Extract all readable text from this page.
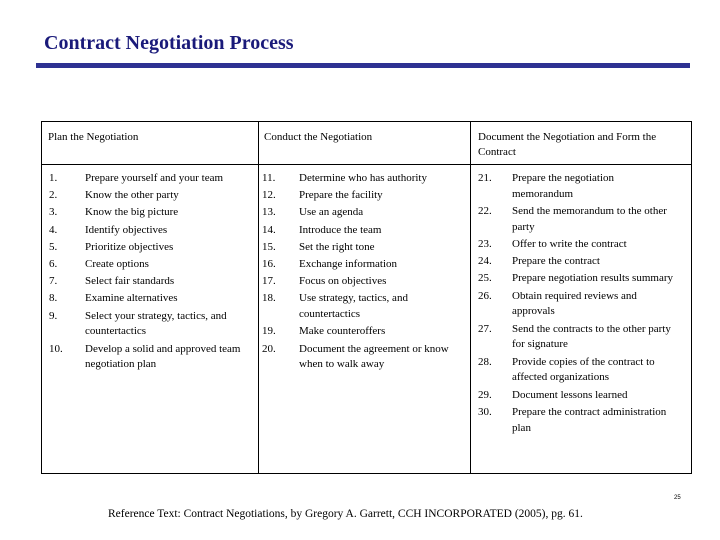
Contract Negotiation Process
Plan the Negotiation	Conduct the Negotiation	Document the Negotiation and Form the Contract
1.	Prepare yourself and your team
2.	Know the other party
3.	Know the big picture
4.	Identify objectives
5.	Prioritize objectives
6.	Create options
7.	Select fair standards
8.	Examine alternatives
9.	Select your strategy, tactics, and countertactics
10. Develop a solid and approved team negotiation plan
11. Determine who has authority
12. Prepare the facility
13. Use an agenda
14. Introduce the team
15. Set the right tone
16. Exchange information
17. Focus on objectives
18. Use strategy, tactics, and countertactics
19. Make counteroffers
20. Document the agreement or know when to walk away
21. Prepare the negotiation memorandum
22. Send the memorandum to the other party
23. Offer to write the contract
24. Prepare the contract
25. Prepare negotiation results summary
26. Obtain required reviews and approvals
27. Send the contracts to the other party for signature
28. Provide copies of the contract to affected organizations
29. Document lessons learned
30. Prepare the contract administration plan
25
Reference Text: Contract Negotiations, by Gregory A. Garrett, CCH INCORPORATED (2005), pg. 61.
